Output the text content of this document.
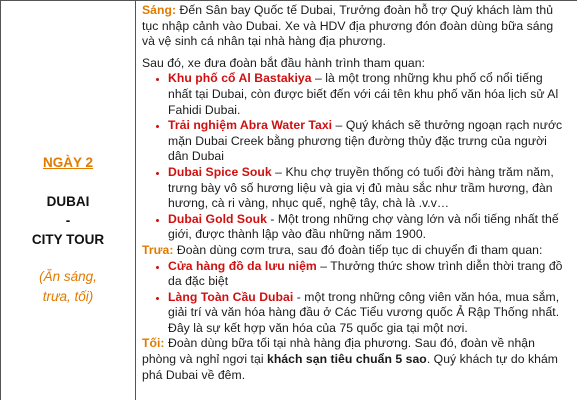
NGÀY 2
DUBAI
-
CITY TOUR
(Ăn sáng,
trưa, tối)

Sáng: Đến Sân bay Quốc tế Dubai, Trưởng đoàn hỗ trợ Quý khách làm thủ tục nhập cảnh vào Dubai. Xe và HDV địa phương đón đoàn dùng bữa sáng và vệ sinh cá nhân tại nhà hàng địa phương.

Sau đó, xe đưa đoàn bắt đầu hành trình tham quan:

• Khu phố cổ Al Bastakiya – là một trong những khu phố cổ nổi tiếng nhất tại Dubai, còn được biết đến với cái tên khu phố văn hóa lịch sử Al Fahidi Dubai.
• Trải nghiệm Abra Water Taxi – Quý khách sẽ thưởng ngoạn rạch nước mặn Dubai Creek bằng phương tiện đường thủy đặc trưng của người dân Dubai
• Dubai Spice Souk – Khu chợ truyền thống có tuổi đời hàng trăm năm, trưng bày vô số hương liệu và gia vị đủ màu sắc như trầm hương, đàn hương, cà ri vàng, nhục quế, nghệ tây, chà là .v.v…
• Dubai Gold Souk - Một trong những chợ vàng lớn và nổi tiếng nhất thế giới, được thành lập vào đầu những năm 1900.

Trưa: Đoàn dùng cơm trưa, sau đó đoàn tiếp tục di chuyển đi tham quan:

• Cửa hàng đồ da lưu niệm – Thưởng thức show trình diễn thời trang đồ da đặc biệt
• Làng Toàn Cầu Dubai - một trong những công viên văn hóa, mua sắm, giải trí và văn hóa hàng đầu ở Các Tiểu vương quốc Ả Rập Thống nhất. Đây là sự kết hợp văn hóa của 75 quốc gia tại một nơi.

Tối: Đoàn dùng bữa tối tại nhà hàng địa phương. Sau đó, đoàn về nhận phòng và nghỉ ngơi tại khách sạn tiêu chuẩn 5 sao. Quý khách tự do khám phá Dubai về đêm.
